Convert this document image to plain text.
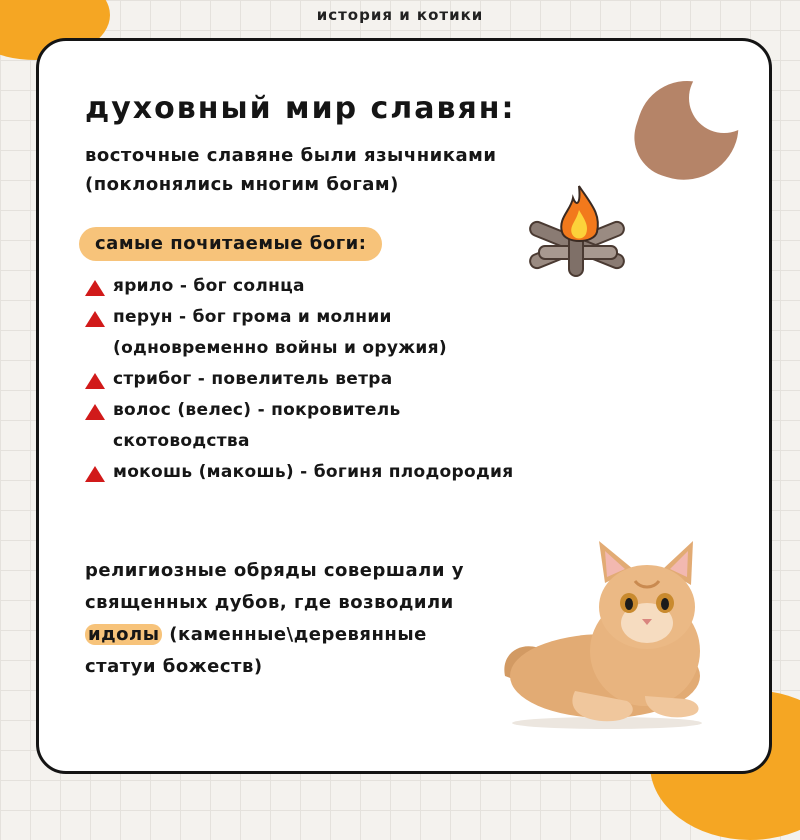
история и котики
духовный мир славян:
восточные славяне были язычниками
(поклонялись многим богам)
самые почитаемые боги:
ярило - бог солнца
перун - бог грома и молнии
(одновременно войны и оружия)
стрибог - повелитель ветра
волос (велес) - покровитель
скотоводства
мокошь (макошь) - богиня плодородия
религиозные обряды совершали у
священных дубов, где возводили
идолы (каменные\деревянные
статуи божеств)
